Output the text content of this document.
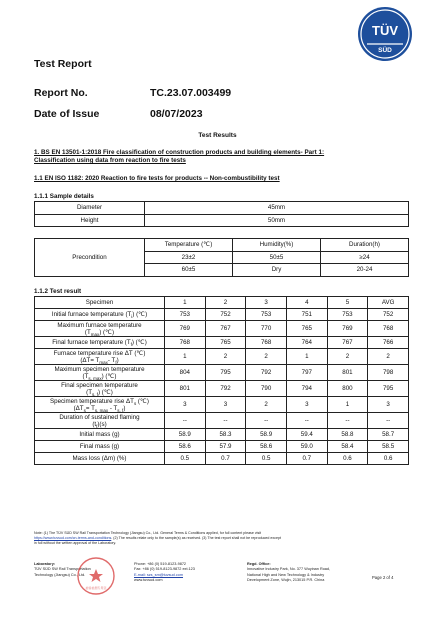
TÜV
SÜD
Test Report
Report No.	TC.23.07.003499
Date of Issue	08/07/2023
Test Results
1. BS EN 13501-1:2018 Fire classification of construction products and building elements- Part 1:
Classification using data from reaction to fire tests
1.1 EN ISO 1182: 2020 Reaction to fire tests for products -- Non-combustibility test
1.1.1 Sample details
Diameter	45mm
Height	50mm
Precondition	Temperature (℃)	Humidity(%)	Duration(h)
	23±2	50±5	≥24
	60±5	Dry	20-24
1.1.2 Test result
Specimen	1	2	3	4	5	AVG
Initial furnace temperature $(T_i)$ (℃)	753	752	753	751	753	752
Maximum furnace temperature
$(T_{max})$ (℃)	769	767	770	765	769	768
Final furnace temperature $(T_f)$ (℃)	768	765	768	764	767	766
Furnace temperature rise ΔT (℃)
($\Delta T= T_{max}-$ $T_f$)	1	2	2	1	2	2
Maximum specimen temperature
$(T_{s, max})$ (℃)	804	795	792	797	801	798
Final specimen temperature
$(T_{s, f})$ (℃)	801	792	790	794	800	795
Specimen temperature rise $\Delta T_s$ (℃)
$(\Delta T_s= T_{s, max} - T_{s, f})$	3	3	2	3	1	3
Duration of sustained flaming
$(t_f)(s)$	--	--	--	--	--	--
Initial mass (g)	58.9	58.3	58.9	59.4	58.8	58.7
Final mass (g)	58.6	57.9	58.6	59.0	58.4	58.5
Mass loss (Δm) (%)	0.5	0.7	0.5	0.7	0.6	0.6
Note: (1) The TÜV SÜD SW Rail Transportation Technology (Jiangsu) Co., Ltd. General Terms & Conditions applied, for full content please visit
https://www.tuvsud.com/cn-terms-and-conditions. (2) The results relate only to the sample(s) as received. (3) The test report shall not be reproduced except
in full without the written approval of the Laboratory.
Laboratory:
TÜV SÜD SW Rail Transportation
Technology (Jiangsu) Co., Ltd.
检验检测专用章
Phone: +86 (0) 519-8123-9872
Fax: +86 (0) 519-8123-9872 ext.123
E-mail: szs_sm@tuvsud.com
www.tuvsud.com
Regd. Office:
Innovative Industry Park, No. 377 Wuyinan Road,
National High and New Technology & Industry
Development Zone, Wujin, 213015 P.R. China	Page 2 of 4
